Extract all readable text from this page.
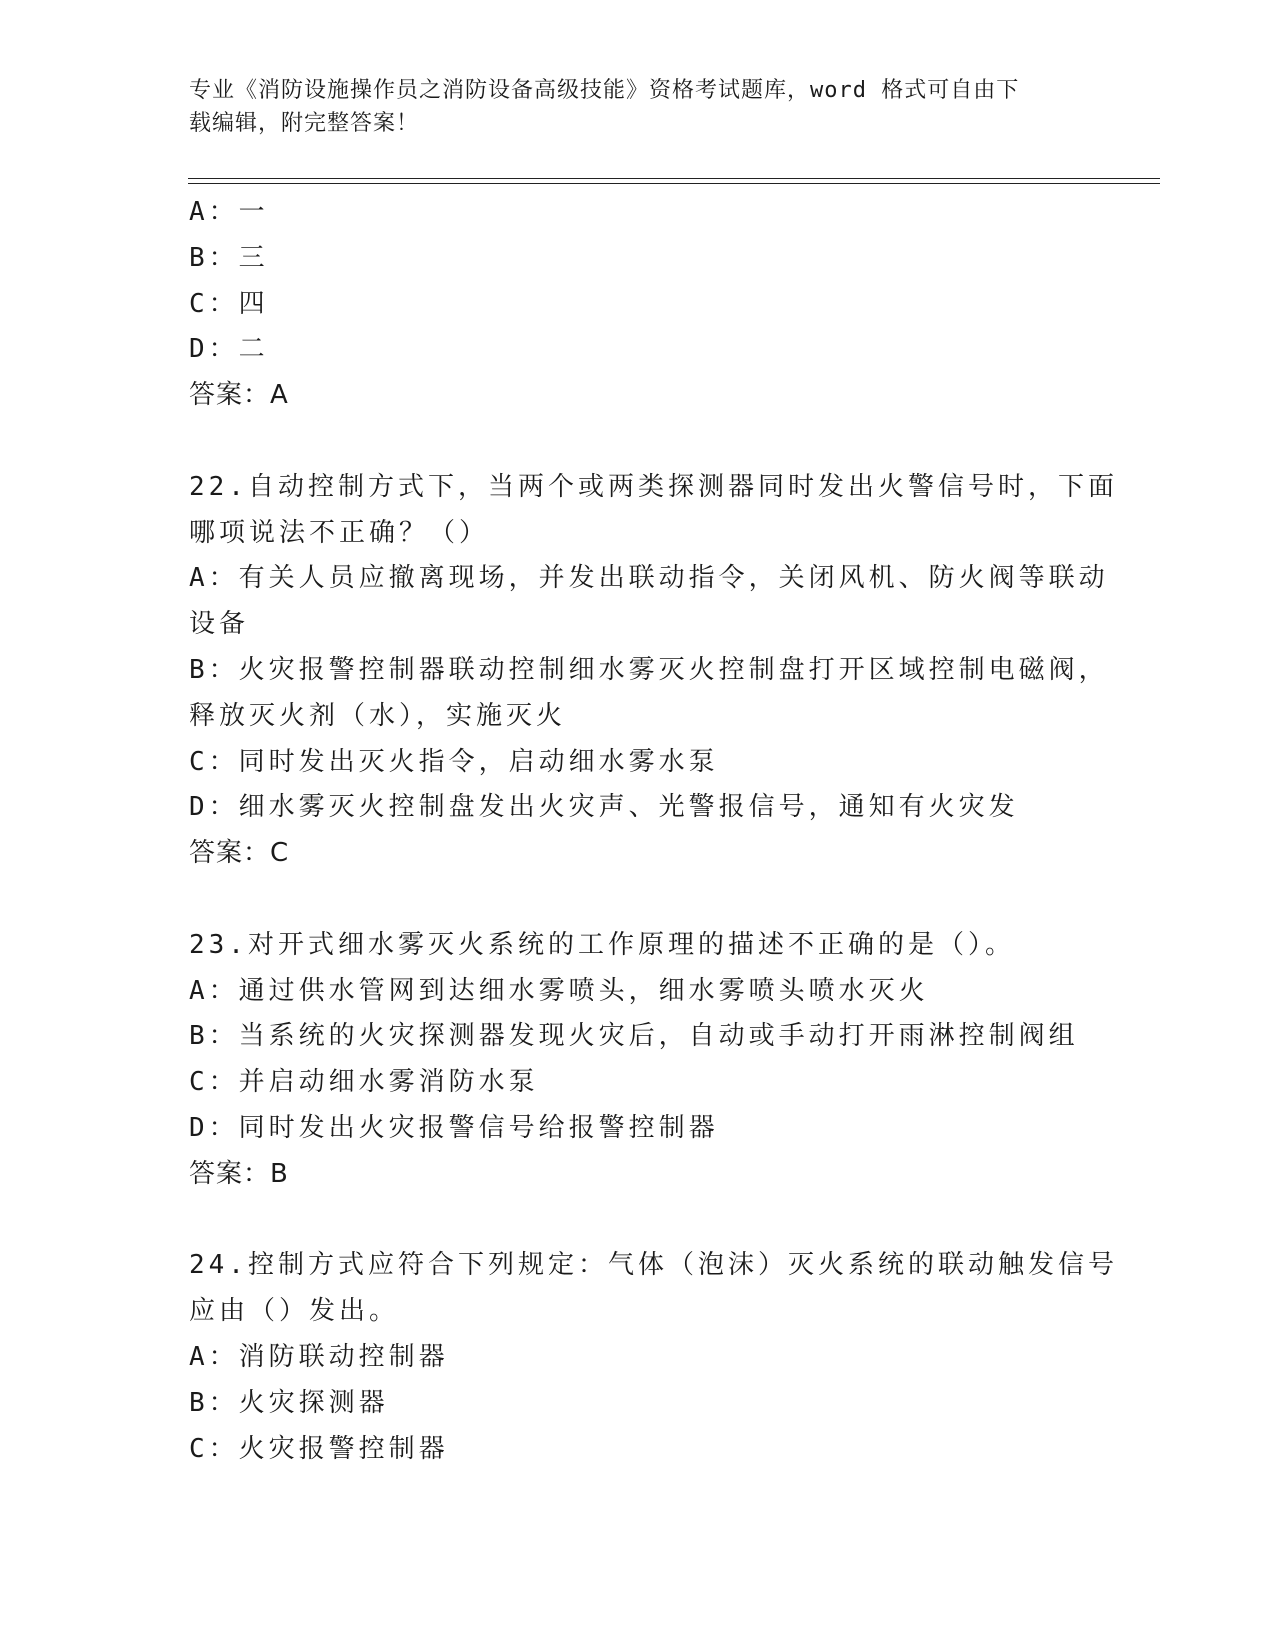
专业《消防设施操作员之消防设备高级技能》资格考试题库，word 格式可自由下
载编辑，附完整答案！
A：一
B：三
C：四
D：二
答案：A
22.自动控制方式下，当两个或两类探测器同时发出火警信号时，下面
哪项说法不正确？（）
A：有关人员应撤离现场，并发出联动指令，关闭风机、防火阀等联动
设备
B：火灾报警控制器联动控制细水雾灭火控制盘打开区域控制电磁阀，
释放灭火剂（水），实施灭火
C：同时发出灭火指令，启动细水雾水泵
D：细水雾灭火控制盘发出火灾声、光警报信号，通知有火灾发
答案：C
23.对开式细水雾灭火系统的工作原理的描述不正确的是（）。
A：通过供水管网到达细水雾喷头，细水雾喷头喷水灭火
B：当系统的火灾探测器发现火灾后，自动或手动打开雨淋控制阀组
C：并启动细水雾消防水泵
D：同时发出火灾报警信号给报警控制器
答案：B
24.控制方式应符合下列规定：气体（泡沫）灭火系统的联动触发信号
应由（）发出。
A：消防联动控制器
B：火灾探测器
C：火灾报警控制器
